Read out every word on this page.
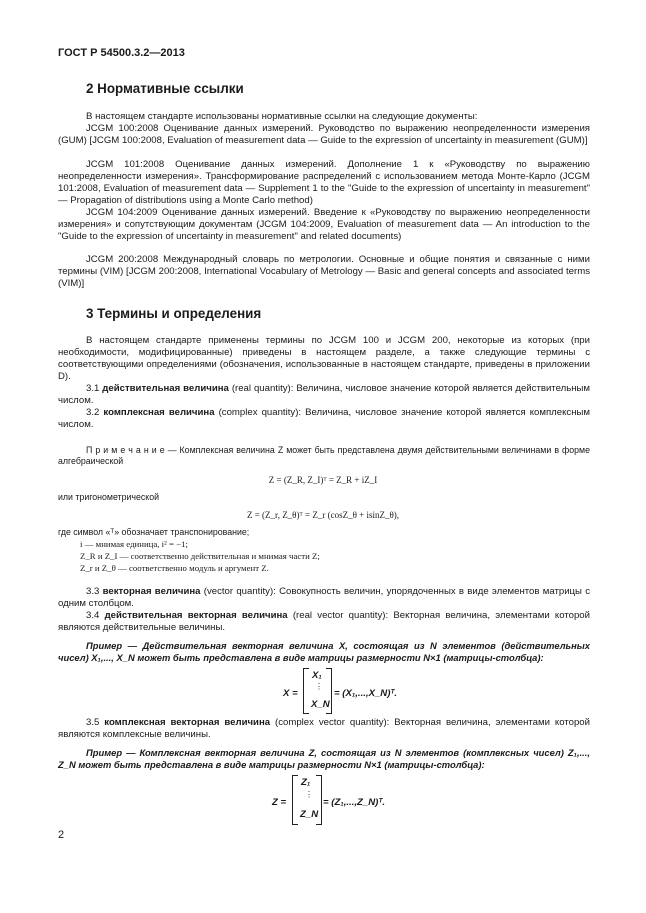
ГОСТ Р 54500.3.2—2013
2 Нормативные ссылки

В настоящем стандарте использованы нормативные ссылки на следующие документы:

JCGM 100:2008 Оценивание данных измерений. Руководство по выражению неопределенности измерения (GUM) [JCGM 100:2008, Evaluation of measurement data — Guide to the expression of uncertainty in measurement (GUM)]

JCGM 101:2008 Оценивание данных измерений. Дополнение 1 к «Руководству по выражению неопределенности измерения». Трансформирование распределений с использованием метода Монте-Карло (JCGM 101:2008, Evaluation of measurement data — Supplement 1 to the "Guide to the expression of uncertainty in measurement" — Propagation of distributions using a Monte Carlo method)

JCGM 104:2009 Оценивание данных измерений. Введение к «Руководству по выражению неопределенности измерения» и сопутствующим документам (JCGM 104:2009, Evaluation of measurement data — An introduction to the "Guide to the expression of uncertainty in measurement" and related documents)

JCGM 200:2008 Международный словарь по метрологии. Основные и общие понятия и связанные с ними термины (VIM) [JCGM 200:2008, International Vocabulary of Metrology — Basic and general concepts and associated terms (VIM)]

3 Термины и определения

В настоящем стандарте применены термины по JCGM 100 и JCGM 200, некоторые из которых (при необходимости, модифицированные) приведены в настоящем разделе, а также следующие термины с соответствующими определениями (обозначения, использованные в настоящем стандарте, приведены в приложении D).

3.1 действительная величина (real quantity): Величина, числовое значение которой является действительным числом.

3.2 комплексная величина (complex quantity): Величина, числовое значение которой является комплексным числом.

П р и м е ч а н и е — Комплексная величина Z может быть представлена двумя действительными величинами в форме алгебраической

Z = (Z_R, Z_I)ᵀ = Z_R + iZ_I

или тригонометрической

Z = (Z_r, Z_θ)ᵀ = Z_r (cosZ_θ + isinZ_θ),

где символ «ᵀ» обозначает транспонирование;

i — мнимая единица, i² = −1;

Z_R и Z_I — соответственно действительная и мнимая части Z;

Z_r и Z_θ — соответственно модуль и аргумент Z.

3.3 векторная величина (vector quantity): Совокупность величин, упорядоченных в виде элементов матрицы с одним столбцом.

3.4 действительная векторная величина (real vector quantity): Векторная величина, элементами которой являются действительные величины.

Пример — Действительная векторная величина X, состоящая из N элементов (действительных чисел) X₁,..., X_N может быть представлена в виде матрицы размерности N×1 (матрицы-столбца):

X =
X₁
⋮
X_N
= (X₁,...,X_N)ᵀ.

3.5 комплексная векторная величина (complex vector quantity): Векторная величина, элементами которой являются комплексные величины.

Пример — Комплексная векторная величина Z, состоящая из N элементов (комплексных чисел) Z₁,..., Z_N может быть представлена в виде матрицы размерности N×1 (матрицы-столбца):

Z =
Z₁
⋮
Z_N
= (Z₁,...,Z_N)ᵀ.
2
